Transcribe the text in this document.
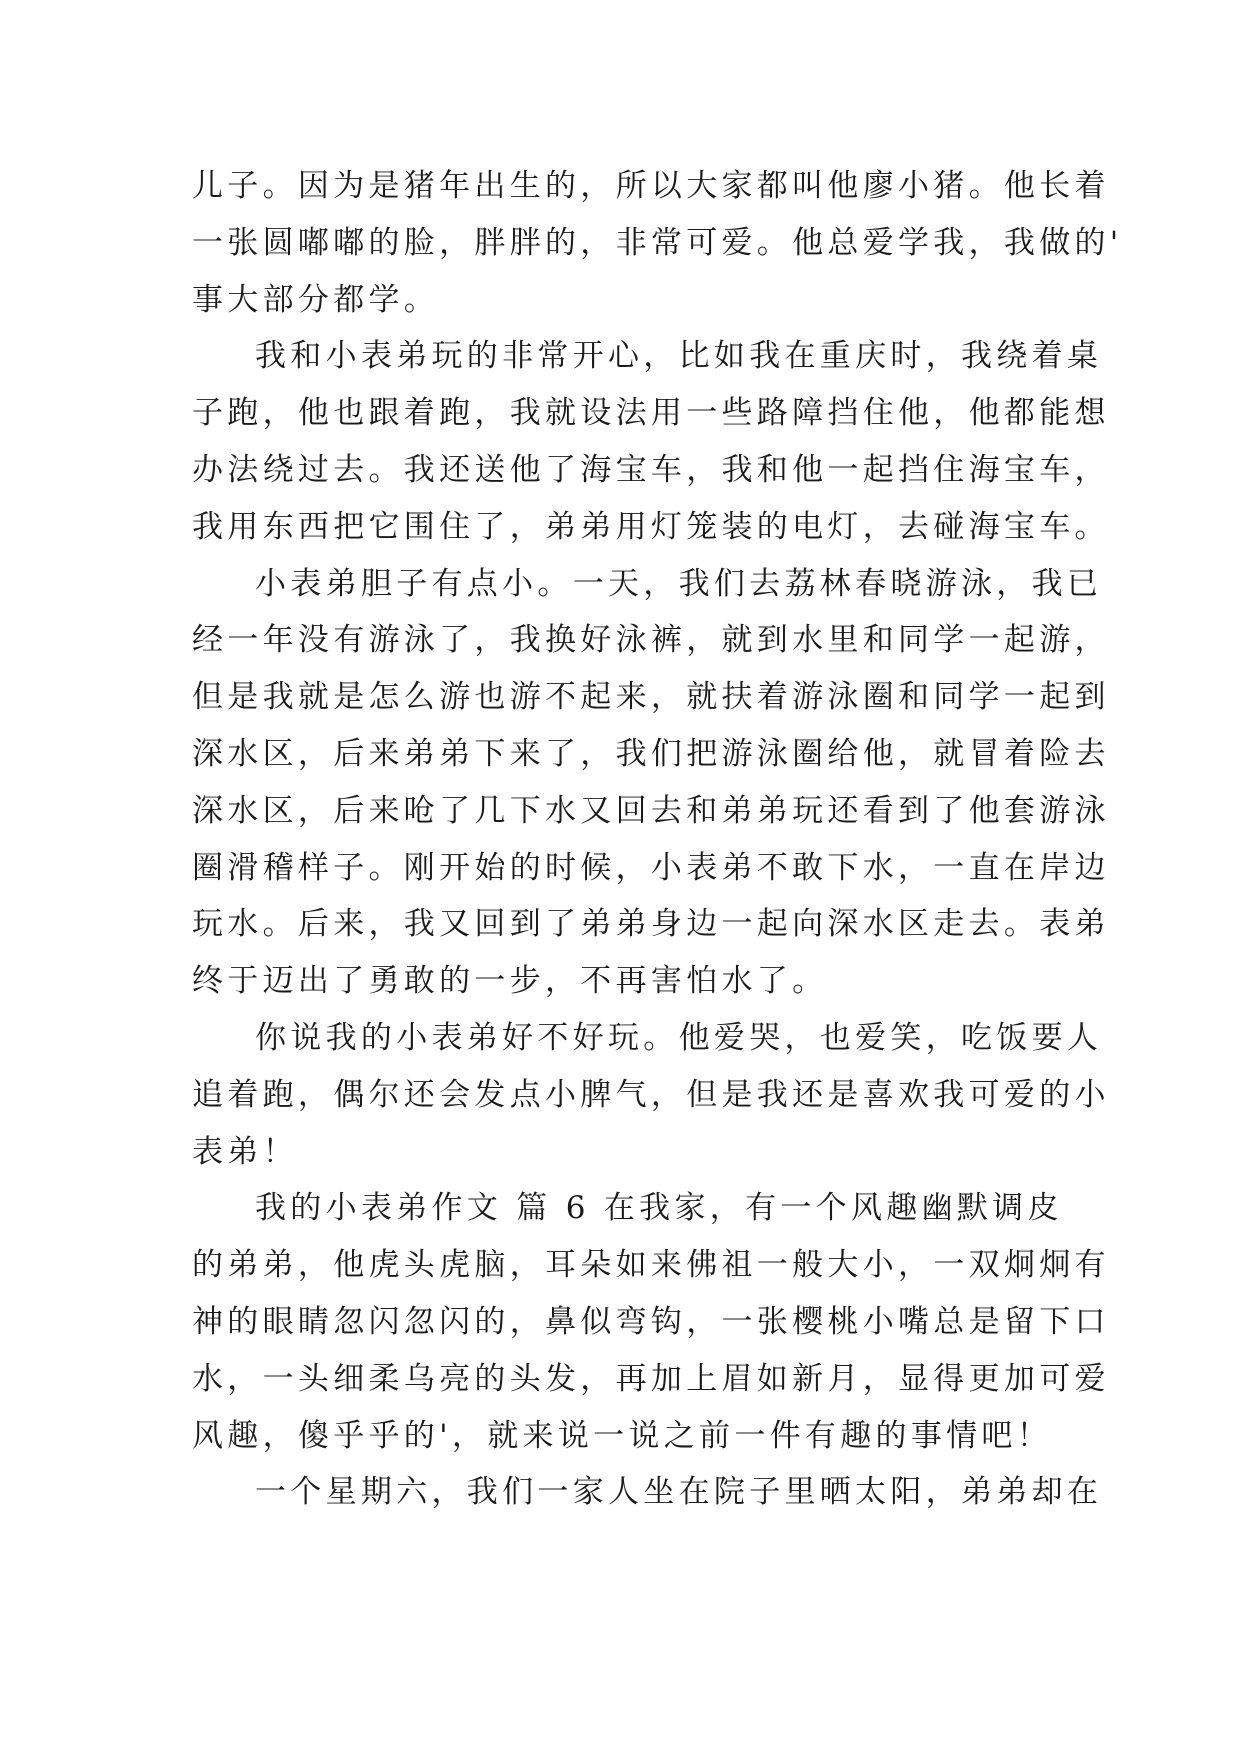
儿子。因为是猪年出生的，所以大家都叫他廖小猪。他长着
一张圆嘟嘟的脸，胖胖的，非常可爱。他总爱学我，我做的'
事大部分都学。
我和小表弟玩的非常开心，比如我在重庆时，我绕着桌
子跑，他也跟着跑，我就设法用一些路障挡住他，他都能想
办法绕过去。我还送他了海宝车，我和他一起挡住海宝车，
我用东西把它围住了，弟弟用灯笼装的电灯，去碰海宝车。
小表弟胆子有点小。一天，我们去荔林春晓游泳，我已
经一年没有游泳了，我换好泳裤，就到水里和同学一起游，
但是我就是怎么游也游不起来，就扶着游泳圈和同学一起到
深水区，后来弟弟下来了，我们把游泳圈给他，就冒着险去
深水区，后来呛了几下水又回去和弟弟玩还看到了他套游泳
圈滑稽样子。刚开始的时候，小表弟不敢下水，一直在岸边
玩水。后来，我又回到了弟弟身边一起向深水区走去。表弟
终于迈出了勇敢的一步，不再害怕水了。
你说我的小表弟好不好玩。他爱哭，也爱笑，吃饭要人
追着跑，偶尔还会发点小脾气，但是我还是喜欢我可爱的小
表弟！
我的小表弟作文 篇 6 在我家，有一个风趣幽默调皮
的弟弟，他虎头虎脑，耳朵如来佛祖一般大小，一双炯炯有
神的眼睛忽闪忽闪的，鼻似弯钩，一张樱桃小嘴总是留下口
水，一头细柔乌亮的头发，再加上眉如新月，显得更加可爱
风趣，傻乎乎的'，就来说一说之前一件有趣的事情吧！
一个星期六，我们一家人坐在院子里晒太阳，弟弟却在
